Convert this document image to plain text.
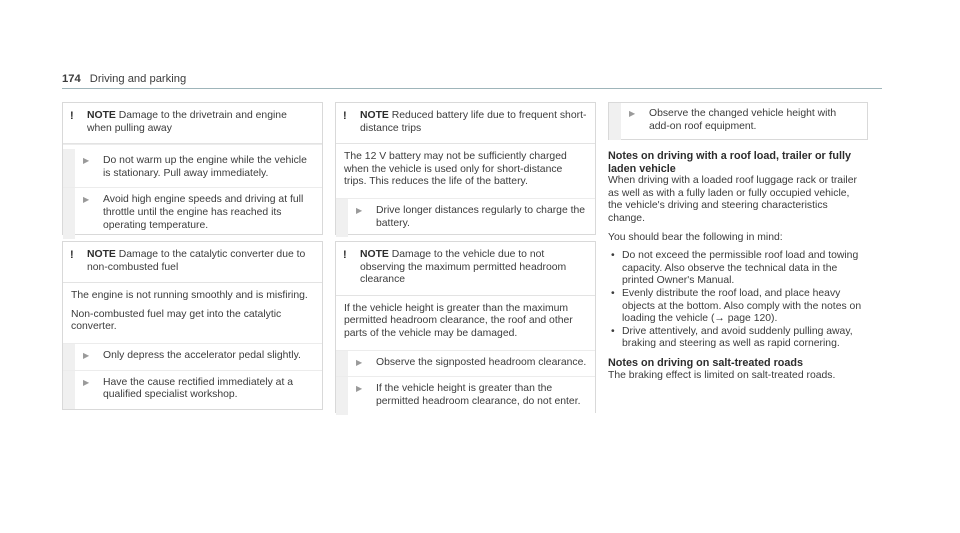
174 Driving and parking
!	NOTE Damage to the drivetrain and engine when pulling away
▶	Do not warm up the engine while the vehicle is stationary. Pull away immediately.
▶	Avoid high engine speeds and driving at full throttle until the engine has reached its operating temperature.
!	NOTE Damage to the catalytic converter due to non-combusted fuel

The engine is not running smoothly and is misfiring.

Non-combusted fuel may get into the catalytic converter.

▶	Only depress the accelerator pedal slightly.
▶	Have the cause rectified immediately at a qualified specialist workshop.
!	NOTE Reduced battery life due to frequent short-distance trips

The 12 V battery may not be sufficiently charged when the vehicle is used only for short-distance trips. This reduces the life of the battery.

▶	Drive longer distances regularly to charge the battery.
!	NOTE Damage to the vehicle due to not observing the maximum permitted headroom clearance

If the vehicle height is greater than the maximum permitted headroom clearance, the roof and other parts of the vehicle may be damaged.

▶	Observe the signposted headroom clearance.
▶	If the vehicle height is greater than the permitted headroom clearance, do not enter.
▶	Observe the changed vehicle height with add-on roof equipment.
Notes on driving with a roof load, trailer or fully laden vehicle

When driving with a loaded roof luggage rack or trailer as well as with a fully laden or fully occupied vehicle, the vehicle's driving and steering characteristics change.

You should bear the following in mind:

• Do not exceed the permissible roof load and towing capacity. Also observe the technical data in the printed Owner's Manual.
• Evenly distribute the roof load, and place heavy objects at the bottom. Also comply with the notes on loading the vehicle (→ page 120).
• Drive attentively, and avoid suddenly pulling away, braking and steering as well as rapid cornering.
Notes on driving on salt-treated roads

The braking effect is limited on salt-treated roads.
